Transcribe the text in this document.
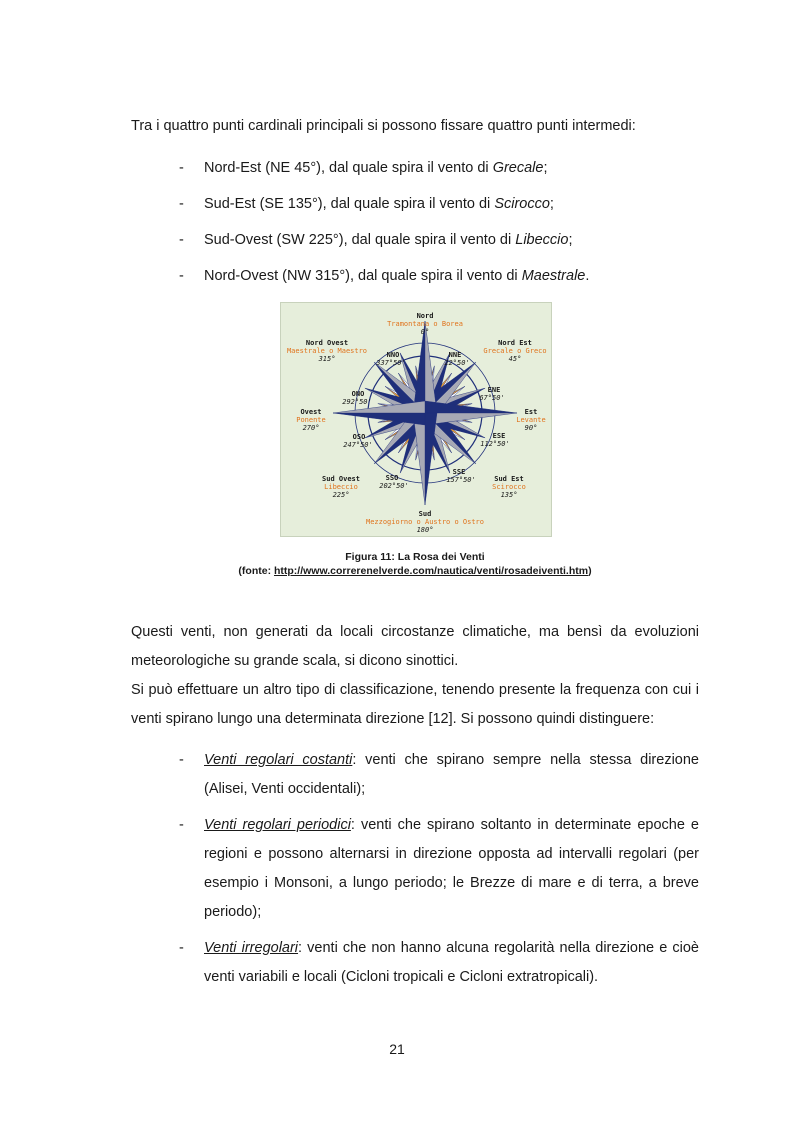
Tra i quattro punti cardinali principali si possono fissare quattro punti intermedi:

- Nord-Est (NE 45°), dal quale spira il vento di Grecale;
- Sud-Est (SE 135°), dal quale spira il vento di Scirocco;
- Sud-Ovest (SW 225°), dal quale spira il vento di Libeccio;
- Nord-Ovest (NW 315°), dal quale spira il vento di Maestrale.
Nord
Tramontana o Borea
0°
Nord Ovest
Maestrale o Maestro
315°
Nord Est
Grecale o Greco
45°
Ovest
Ponente
270°
Est
Levante
90°
Sud Ovest
Libeccio
225°
Sud Est
Scirocco
135°
Sud
Mezzogiorno o Austro o Ostro
180°
NNO
337°50'
NNE
22°50'
ENE
67°50'
ESE
112°50'
SSE
157°50'
SSO
202°50'
OSO
247°50'
ONO
292°50'
Figura 11: La Rosa dei Venti
(fonte: http://www.correrenelverde.com/nautica/venti/rosadeiventi.htm)

Questi venti, non generati da locali circostanze climatiche, ma bensì da evoluzioni meteorologiche su grande scala, si dicono sinottici.

Si può effettuare un altro tipo di classificazione, tenendo presente la frequenza con cui i venti spirano lungo una determinata direzione [12]. Si possono quindi distinguere:

- Venti regolari costanti: venti che spirano sempre nella stessa direzione (Alisei, Venti occidentali);
- Venti regolari periodici: venti che spirano soltanto in determinate epoche e regioni e possono alternarsi in direzione opposta ad intervalli regolari (per esempio i Monsoni, a lungo periodo; le Brezze di mare e di terra, a breve periodo);
- Venti irregolari: venti che non hanno alcuna regolarità nella direzione e cioè venti variabili e locali (Cicloni tropicali e Cicloni extratropicali).
21
